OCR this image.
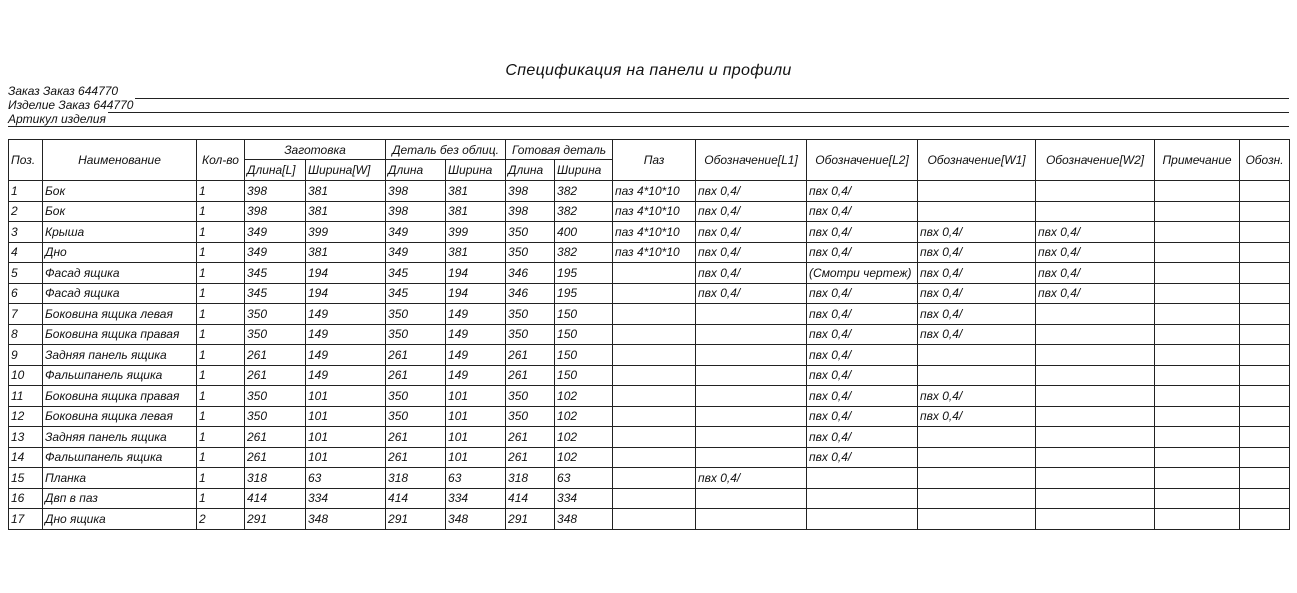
Спецификация на панели и профили
Заказ Заказ 644770
Изделие Заказ 644770
Артикул изделия
Поз.	Наименование	Кол-во	Заготовка		Деталь без облиц.		Готовая деталь		Паз	Обозначение[L1]	Обозначение[L2]	Обозначение[W1]	Обозначение[W2]	Примечание	Обозн.
			Длина[L]	Ширина[W]	Длина	Ширина	Длина	Ширина							
1	Бок	1	398	381	398	381	398	382	паз 4*10*10	пвх 0,4/	пвх 0,4/				
2	Бок	1	398	381	398	381	398	382	паз 4*10*10	пвх 0,4/	пвх 0,4/				
3	Крыша	1	349	399	349	399	350	400	паз 4*10*10	пвх 0,4/	пвх 0,4/	пвх 0,4/	пвх 0,4/		
4	Дно	1	349	381	349	381	350	382	паз 4*10*10	пвх 0,4/	пвх 0,4/	пвх 0,4/	пвх 0,4/		
5	Фасад ящика	1	345	194	345	194	346	195		пвх 0,4/	(Смотри чертеж)	пвх 0,4/	пвх 0,4/		
6	Фасад ящика	1	345	194	345	194	346	195		пвх 0,4/	пвх 0,4/	пвх 0,4/	пвх 0,4/		
7	Боковина ящика левая	1	350	149	350	149	350	150			пвх 0,4/	пвх 0,4/			
8	Боковина ящика правая	1	350	149	350	149	350	150			пвх 0,4/	пвх 0,4/			
9	Задняя панель ящика	1	261	149	261	149	261	150			пвх 0,4/				
10	Фальшпанель ящика	1	261	149	261	149	261	150			пвх 0,4/				
11	Боковина ящика правая	1	350	101	350	101	350	102			пвх 0,4/	пвх 0,4/			
12	Боковина ящика левая	1	350	101	350	101	350	102			пвх 0,4/	пвх 0,4/			
13	Задняя панель ящика	1	261	101	261	101	261	102			пвх 0,4/				
14	Фальшпанель ящика	1	261	101	261	101	261	102			пвх 0,4/				
15	Планка	1	318	63	318	63	318	63		пвх 0,4/					
16	Двп в паз	1	414	334	414	334	414	334							
17	Дно ящика	2	291	348	291	348	291	348							
